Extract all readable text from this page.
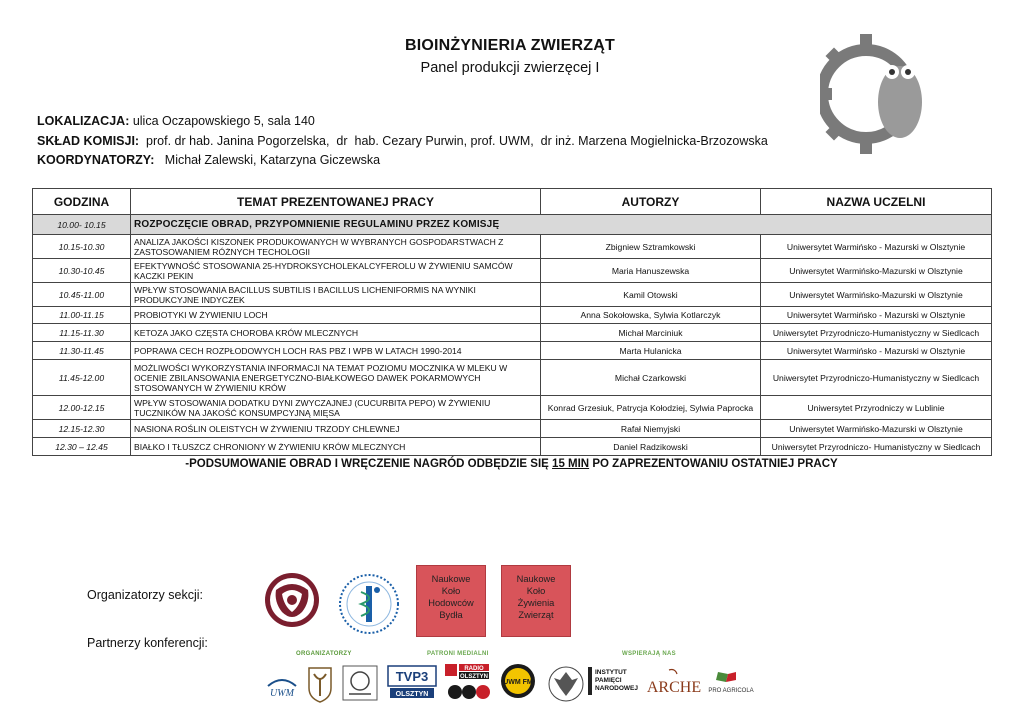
BIOINŻYNIERIA ZWIERZĄT
Panel produkcji zwierzęcej I
MS
KN
LOKALIZACJA: ulica Oczapowskiego 5, sala 140
SKŁAD KOMISJI:  prof. dr hab. Janina Pogorzelska,  dr  hab. Cezary Purwin, prof. UWM,  dr inż. Marzena Mogielnicka-Brzozowska
KOORDYNATORZY:   Michał Zalewski, Katarzyna Giczewska
GODZINA	TEMAT PREZENTOWANEJ PRACY	AUTORZY	NAZWA UCZELNI
10.00- 10.15	ROZPOCZĘCIE OBRAD, PRZYPOMNIENIE REGULAMINU PRZEZ KOMISJĘ		
10.15-10.30	ANALIZA JAKOŚCI KISZONEK PRODUKOWANYCH W WYBRANYCH GOSPODARSTWACH Z ZASTOSOWANIEM RÓŻNYCH TECHOLOGII	Zbigniew Sztramkowski	Uniwersytet Warmińsko - Mazurski w Olsztynie
10.30-10.45	EFEKTYWNOŚĆ STOSOWANIA 25-HYDROKSYCHOLEKALCYFEROLU W ŻYWIENIU SAMCÓW KACZKI PEKIN	Maria Hanuszewska	Uniwersytet Warmińsko-Mazurski w Olsztynie
10.45-11.00	WPŁYW STOSOWANIA BACILLUS SUBTILIS I BACILLUS LICHENIFORMIS NA WYNIKI PRODUKCYJNE INDYCZEK	Kamil Otowski	Uniwersytet Warmińsko-Mazurski w Olsztynie
11.00-11.15	PROBIOTYKI W ŻYWIENIU LOCH	Anna Sokołowska, Sylwia Kotlarczyk	Uniwersytet Warmińsko - Mazurski w Olsztynie
11.15-11.30	KETOZA JAKO CZĘSTA CHOROBA KRÓW MLECZNYCH	Michał Marciniuk	Uniwersytet Przyrodniczo-Humanistyczny w Siedlcach
11.30-11.45	POPRAWA CECH ROZPŁODOWYCH LOCH RAS PBZ I WPB W LATACH 1990-2014	Marta Hulanicka	Uniwersytet Warmińsko - Mazurski w Olsztynie
11.45-12.00	MOŻLIWOŚCI WYKORZYSTANIA INFORMACJI NA TEMAT POZIOMU MOCZNIKA W MLEKU W OCENIE ZBILANSOWANIA ENERGETYCZNO-BIAŁKOWEGO DAWEK POKARMOWYCH STOSOWANYCH W ŻYWIENIU KRÓW	Michał Czarkowski	Uniwersytet Przyrodniczo-Humanistyczny w Siedlcach
12.00-12.15	WPŁYW STOSOWANIA DODATKU DYNI ZWYCZAJNEJ (CUCURBITA PEPO) W ŻYWIENIU TUCZNIKÓW NA JAKOŚĆ KONSUMPCYJNĄ MIĘSA	Konrad Grzesiuk, Patrycja Kołodziej, Sylwia Paprocka	Uniwersytet Przyrodniczy w Lublinie
12.15-12.30	NASIONA ROŚLIN OLEISTYCH W ŻYWIENIU TRZODY CHLEWNEJ	Rafał Niemyjski	Uniwersytet Warmińsko-Mazurski w Olsztynie
12.30 – 12.45	BIAŁKO I TŁUSZCZ CHRONIONY W ŻYWIENIU KRÓW MLECZNYCH	Daniel Radzikowski	Uniwersytet Przyrodniczo- Humanistyczny w Siedlcach
-PODSUMOWANIE OBRAD I WRĘCZENIE NAGRÓD ODBĘDZIE SIĘ 15 MIN PO ZAPREZENTOWANIU OSTATNIEJ PRACY
Organizatorzy sekcji:
Partnerzy konferencji:
Naukowe
Koło
Hodowców
Bydła
Naukowe
Koło
Żywienia
Zwierząt
ORGANIZATORZY	PATRONI MEDIALNI	WSPIERAJĄ NAS
UWM
TVP3
OLSZTYN
RADIO
OLSZTYN
UWM FM
INSTYTUT
PAMIĘCI
NARODOWEJ ARCHE PRO AGRICOLA
